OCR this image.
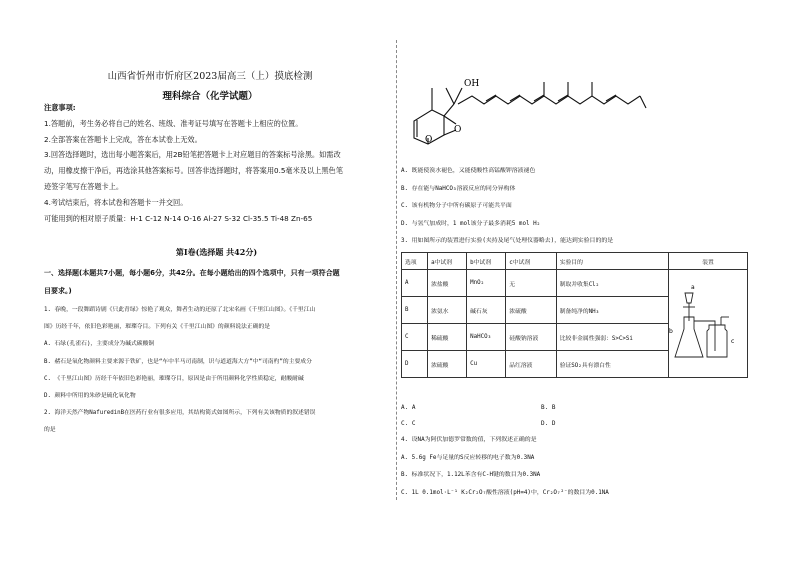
山西省忻州市忻府区2023届高三（上）摸底检测
理科综合（化学试题）
注意事项:
1.答题前，考生务必将自己的姓名、班级、准考证号填写在答题卡上相应的位置。
2.全部答案在答题卡上完成，答在本试卷上无效。
3.回答选择题时，选出每小题答案后，用2B铅笔把答题卡上对应题目的答案标号涂黑。如需改
动，用橡皮擦干净后，再选涂其他答案标号。回答非选择题时，将答案用0.5毫米及以上黑色笔
迹签字笔写在答题卡上。
4.考试结束后，将本试卷和答题卡一并交回。
可能用到的相对原子质量：H-1 C-12 N-14 O-16 Al-27 S-32 Cl-35.5 Ti-48 Zn-65
第Ⅰ卷(选择题 共42分)
一、选择题(本题共7小题，每小题6分，共42分。在每小题给出的四个选项中，只有一项符合题
目要求。)
1. 春晚，一段舞蹈诗剧《只此青绿》惊艳了观众，舞者生动的还原了北宋名画《千里江山图》。《千里江山
图》历经千年，依旧色彩艳丽，璀璨夺目。下列有关《千里江山图》的颜料说法正确的是
A. 石绿(孔雀石)，主要成分为碱式碳酸铜
B. 赭石是氧化物颜料主要来源于铁矿，也是“车中半马司南制，识与道道海大方”中“司南杓”的主要成分
C. 《千里江山图》历经千年依旧色彩艳丽，璀璨夺目，原因是由于所用颜料化学性质稳定，耐酸耐碱
D. 颜料中所用的朱砂是硫化氧化物
2. 海洋天然产物NafuredinB在医药行业有很多应用，其结构简式如图所示，下列有关该物质的叙述错误
的是
OH
O
O
A. 既能使溴水褪色，又能使酸性高锰酸钾溶液褪色
B. 存在能与NaHCO₃溶液反应的同分异构体
C. 该有机物分子中所有碳原子可能共平面
D. 与氢气加成时，1 mol该分子最多消耗5 mol H₂
3. 用如图所示的装置进行实验(夹持及尾气处理仪器略去)，能达到实验目的的是
选项	a中试剂	b中试剂	c中试剂	实验目的	装置
A	浓盐酸	MnO₂	无	制取并收集Cl₂	a
b
c

B	浓氨水	碱石灰	浓硫酸	制备纯净的NH₃	
C	稀硫酸	NaHCO₃	硅酸钠溶液	比较非金属性强弱：S>C>Si	
D	浓硫酸	Cu	品红溶液	验证SO₂具有漂白性	
A. A
C. C
B. B
D. D
4. 设NA为阿伏加德罗常数的值，下列叙述正确的是
A. 5.6g Fe与足量的S反应转移的电子数为0.3NA
B. 标准状况下，1.12L苯含有C-H键的数目为0.3NA
C. 1L 0.1mol·L⁻¹ K₂Cr₂O₇酸性溶液(pH=4)中，Cr₂O₇²⁻的数目为0.1NA
